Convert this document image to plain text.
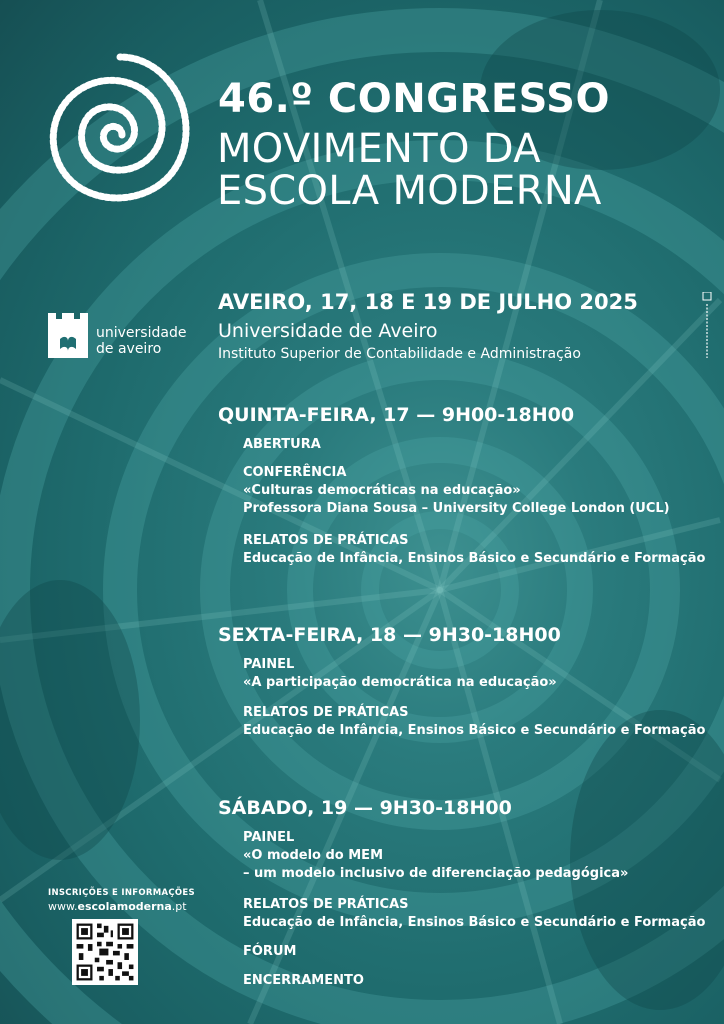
46.º CONGRESSO
MOVIMENTO DA
ESCOLA MODERNA
universidade
de aveiro
AVEIRO, 17, 18 E 19 DE JULHO 2025
Universidade de Aveiro
Instituto Superior de Contabilidade e Administração
QUINTA-FEIRA, 17 — 9H00-18H00
ABERTURA
CONFERÊNCIA
«Culturas democráticas na educação»
Professora Diana Sousa – University College London (UCL)
RELATOS DE PRÁTICAS
Educação de Infância, Ensinos Básico e Secundário e Formação
SEXTA-FEIRA, 18 — 9H30-18H00
PAINEL
«A participação democrática na educação»
RELATOS DE PRÁTICAS
Educação de Infância, Ensinos Básico e Secundário e Formação
SÁBADO, 19 — 9H30-18H00
PAINEL
«O modelo do MEM
– um modelo inclusivo de diferenciação pedagógica»
RELATOS DE PRÁTICAS
Educação de Infância, Ensinos Básico e Secundário e Formação
FÓRUM
ENCERRAMENTO
INSCRIÇÕES E INFORMAÇÕES
www.escolamoderna.pt
